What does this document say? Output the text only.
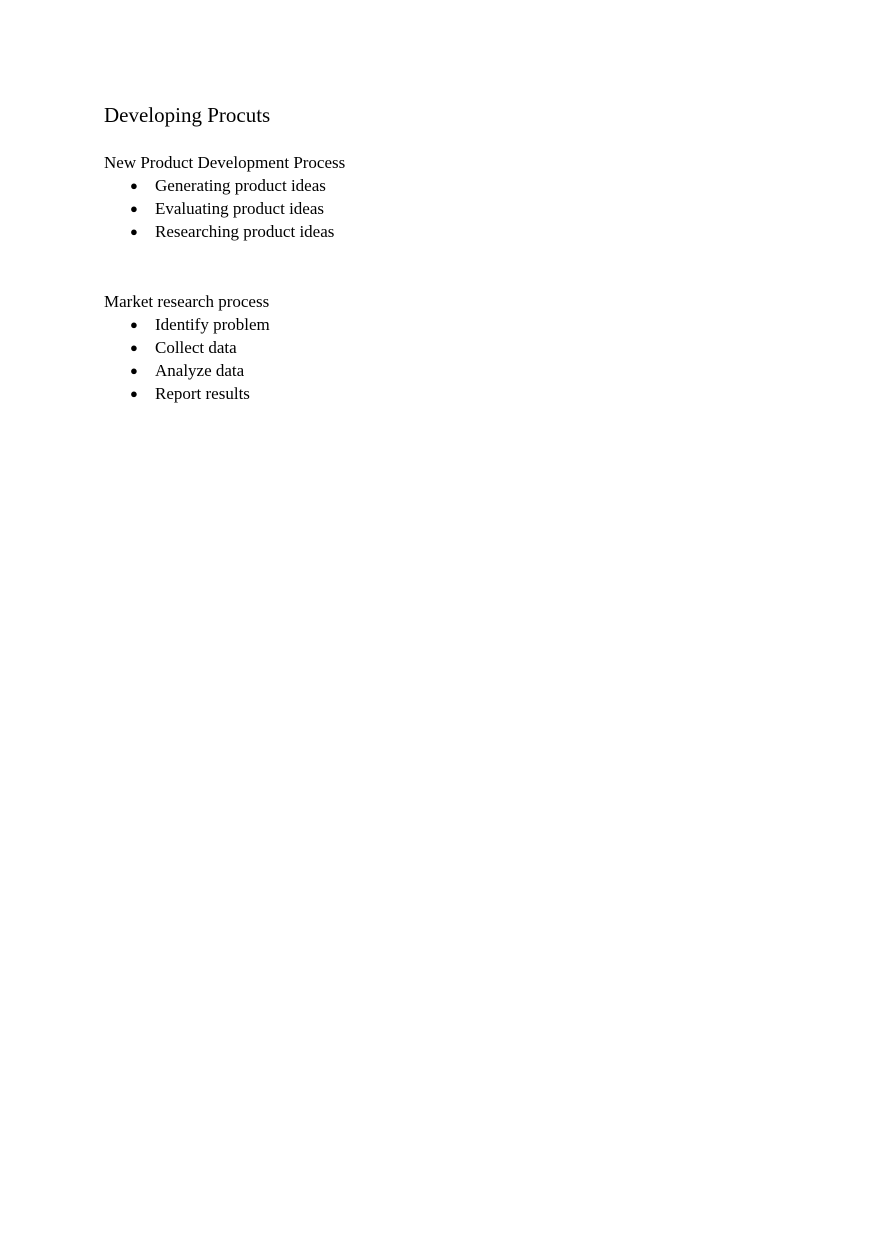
Developing Procuts

New Product Development Process

● Generating product ideas
● Evaluating product ideas
● Researching product ideas

Market research process

● Identify problem
● Collect data
● Analyze data
● Report results
